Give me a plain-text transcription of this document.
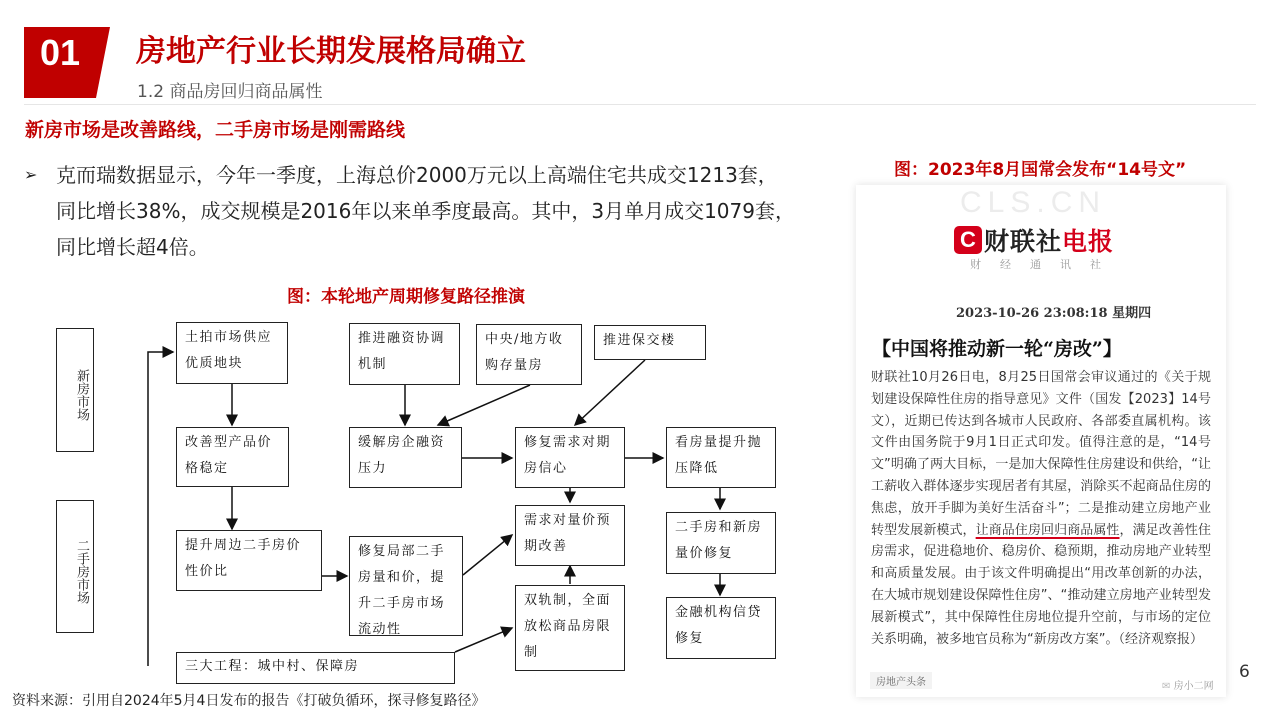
01	房地产行业长期发展格局确立
1.2 商品房回归商品属性
新房市场是改善路线，二手房市场是刚需路线
➢ 克而瑞数据显示，今年一季度，上海总价2000万元以上高端住宅共成交1213套，
同比增长38%，成交规模是2016年以来单季度最高。其中，3月单月成交1079套，
同比增长超4倍。
图：本轮地产周期修复路径推演
图：2023年8月国常会发布“14号文”
新房市场
二手房市场
土拍市场供应优质地块
改善型产品价格稳定
提升周边二手房价性价比
推进融资协调机制
中央/地方收购存量房
推进保交楼
缓解房企融资压力
修复需求对期房信心
看房量提升抛压降低
需求对量价预期改善
修复局部二手房量和价，提升二手房市场流动性
双轨制，全面放松商品房限制
二手房和新房量价修复
金融机构信贷修复
三大工程：城中村、保障房
CLS.CN
C 财联社 电报
财经通讯社
2023-10-26 23:08:18 星期四
【中国将推动新一轮“房改”】
财联社10月26日电，8月25日国常会审议通过的《关于规划建设保障性住房的指导意见》文件（国发【2023】14号文），近期已传达到各城市人民政府、各部委直属机构。该文件由国务院于9月1日正式印发。值得注意的是，“14号文”明确了两大目标，一是加大保障性住房建设和供给，“让工薪收入群体逐步实现居者有其屋，消除买不起商品住房的焦虑，放开手脚为美好生活奋斗”；二是推动建立房地产业转型发展新模式，让商品住房回归商品属性，满足改善性住房需求，促进稳地价、稳房价、稳预期，推动房地产业转型和高质量发展。由于该文件明确提出“用改革创新的办法，在大城市规划建设保障性住房”、“推动建立房地产业转型发展新模式”，其中保障性住房地位提升空前，与市场的定位关系明确，被多地官员称为“新房改方案”。（经济观察报）
房地产头条	✉ 房小二网
资料来源：引用自2024年5月4日发布的报告《打破负循环，探寻修复路径》
6
